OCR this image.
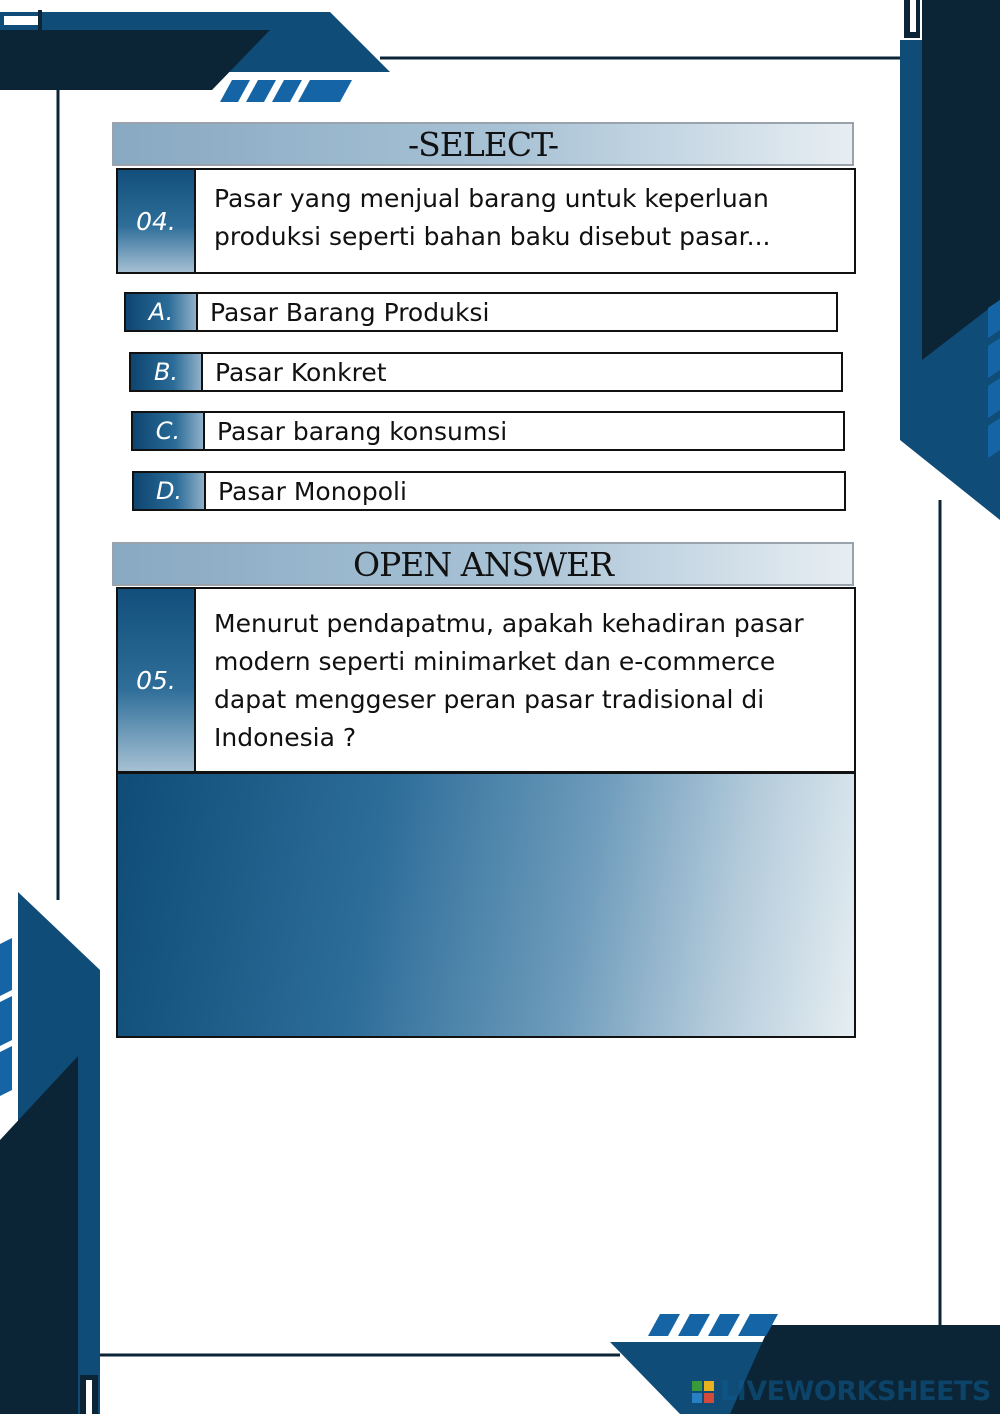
-SELECT-
04.
Pasar yang menjual barang untuk keperluan produksi seperti bahan baku disebut pasar...
A.	Pasar Barang Produksi
B.	Pasar Konkret
C.	Pasar barang konsumsi
D.	Pasar Monopoli
OPEN ANSWER
05.
Menurut pendapatmu, apakah kehadiran pasar modern seperti minimarket dan e-commerce dapat menggeser peran pasar tradisional di Indonesia ?
LIVEWORKSHEETS
